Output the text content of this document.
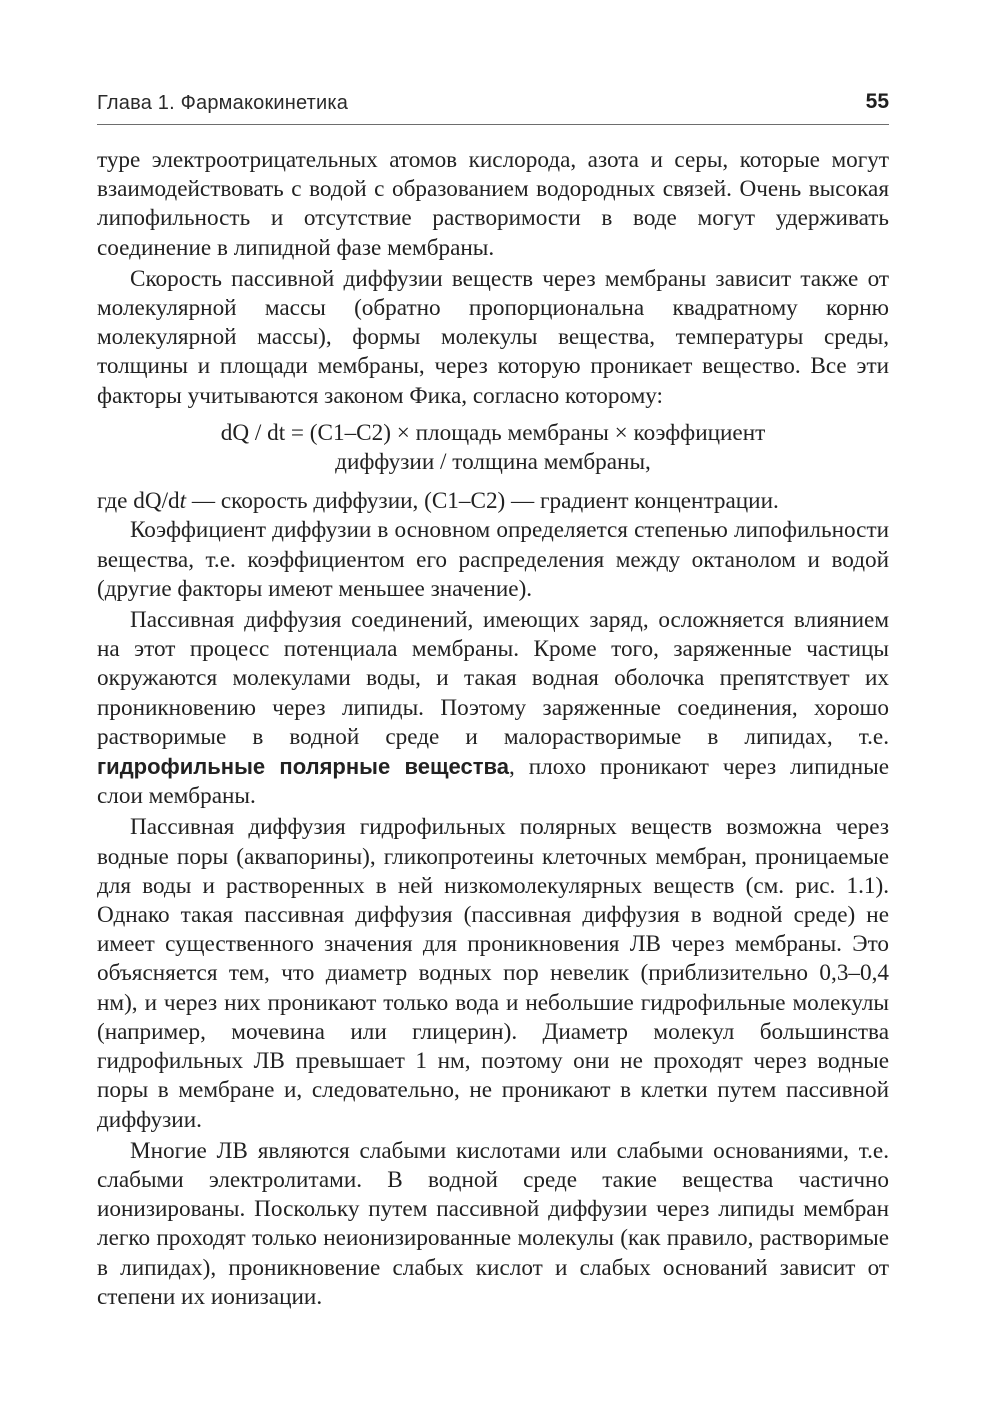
Глава 1. Фармакокинетика	55

туре электроотрицательных атомов кислорода, азота и серы, которые могут взаимодействовать с водой с образованием водородных связей. Очень высокая липофильность и отсутствие растворимости в воде могут удерживать соединение в липидной фазе мембраны.

Скорость пассивной диффузии веществ через мембраны зависит также от молекулярной массы (обратно пропорциональна квадратному корню молекулярной массы), формы молекулы вещества, температуры среды, толщины и площади мембраны, через которую проникает вещество. Все эти факторы учитываются законом Фика, согласно которому:

dQ / dt = (C1–C2) × площадь мембраны × коэффициент
диффузии / толщина мембраны,

где dQ/dt — скорость диффузии, (C1–C2) — градиент концентрации.

Коэффициент диффузии в основном определяется степенью липофильности вещества, т.е. коэффициентом его распределения между октанолом и водой (другие факторы имеют меньшее значение).

Пассивная диффузия соединений, имеющих заряд, осложняется влиянием на этот процесс потенциала мембраны. Кроме того, заряженные частицы окружаются молекулами воды, и такая водная оболочка препятствует их проникновению через липиды. Поэтому заряженные соединения, хорошо растворимые в водной среде и малорастворимые в липидах, т.е. гидрофильные полярные вещества, плохо проникают через липидные слои мембраны.

Пассивная диффузия гидрофильных полярных веществ возможна через водные поры (аквапорины), гликопротеины клеточных мембран, проницаемые для воды и растворенных в ней низкомолекулярных веществ (см. рис. 1.1). Однако такая пассивная диффузия (пассивная диффузия в водной среде) не имеет существенного значения для проникновения ЛВ через мембраны. Это объясняется тем, что диаметр водных пор невелик (приблизительно 0,3–0,4 нм), и через них проникают только вода и небольшие гидрофильные молекулы (например, мочевина или глицерин). Диаметр молекул большинства гидрофильных ЛВ превышает 1 нм, поэтому они не проходят через водные поры в мембране и, следовательно, не проникают в клетки путем пассивной диффузии.

Многие ЛВ являются слабыми кислотами или слабыми основаниями, т.е. слабыми электролитами. В водной среде такие вещества частично ионизированы. Поскольку путем пассивной диффузии через липиды мембран легко проходят только неионизированные молекулы (как правило, растворимые в липидах), проникновение слабых кислот и слабых оснований зависит от степени их ионизации.
